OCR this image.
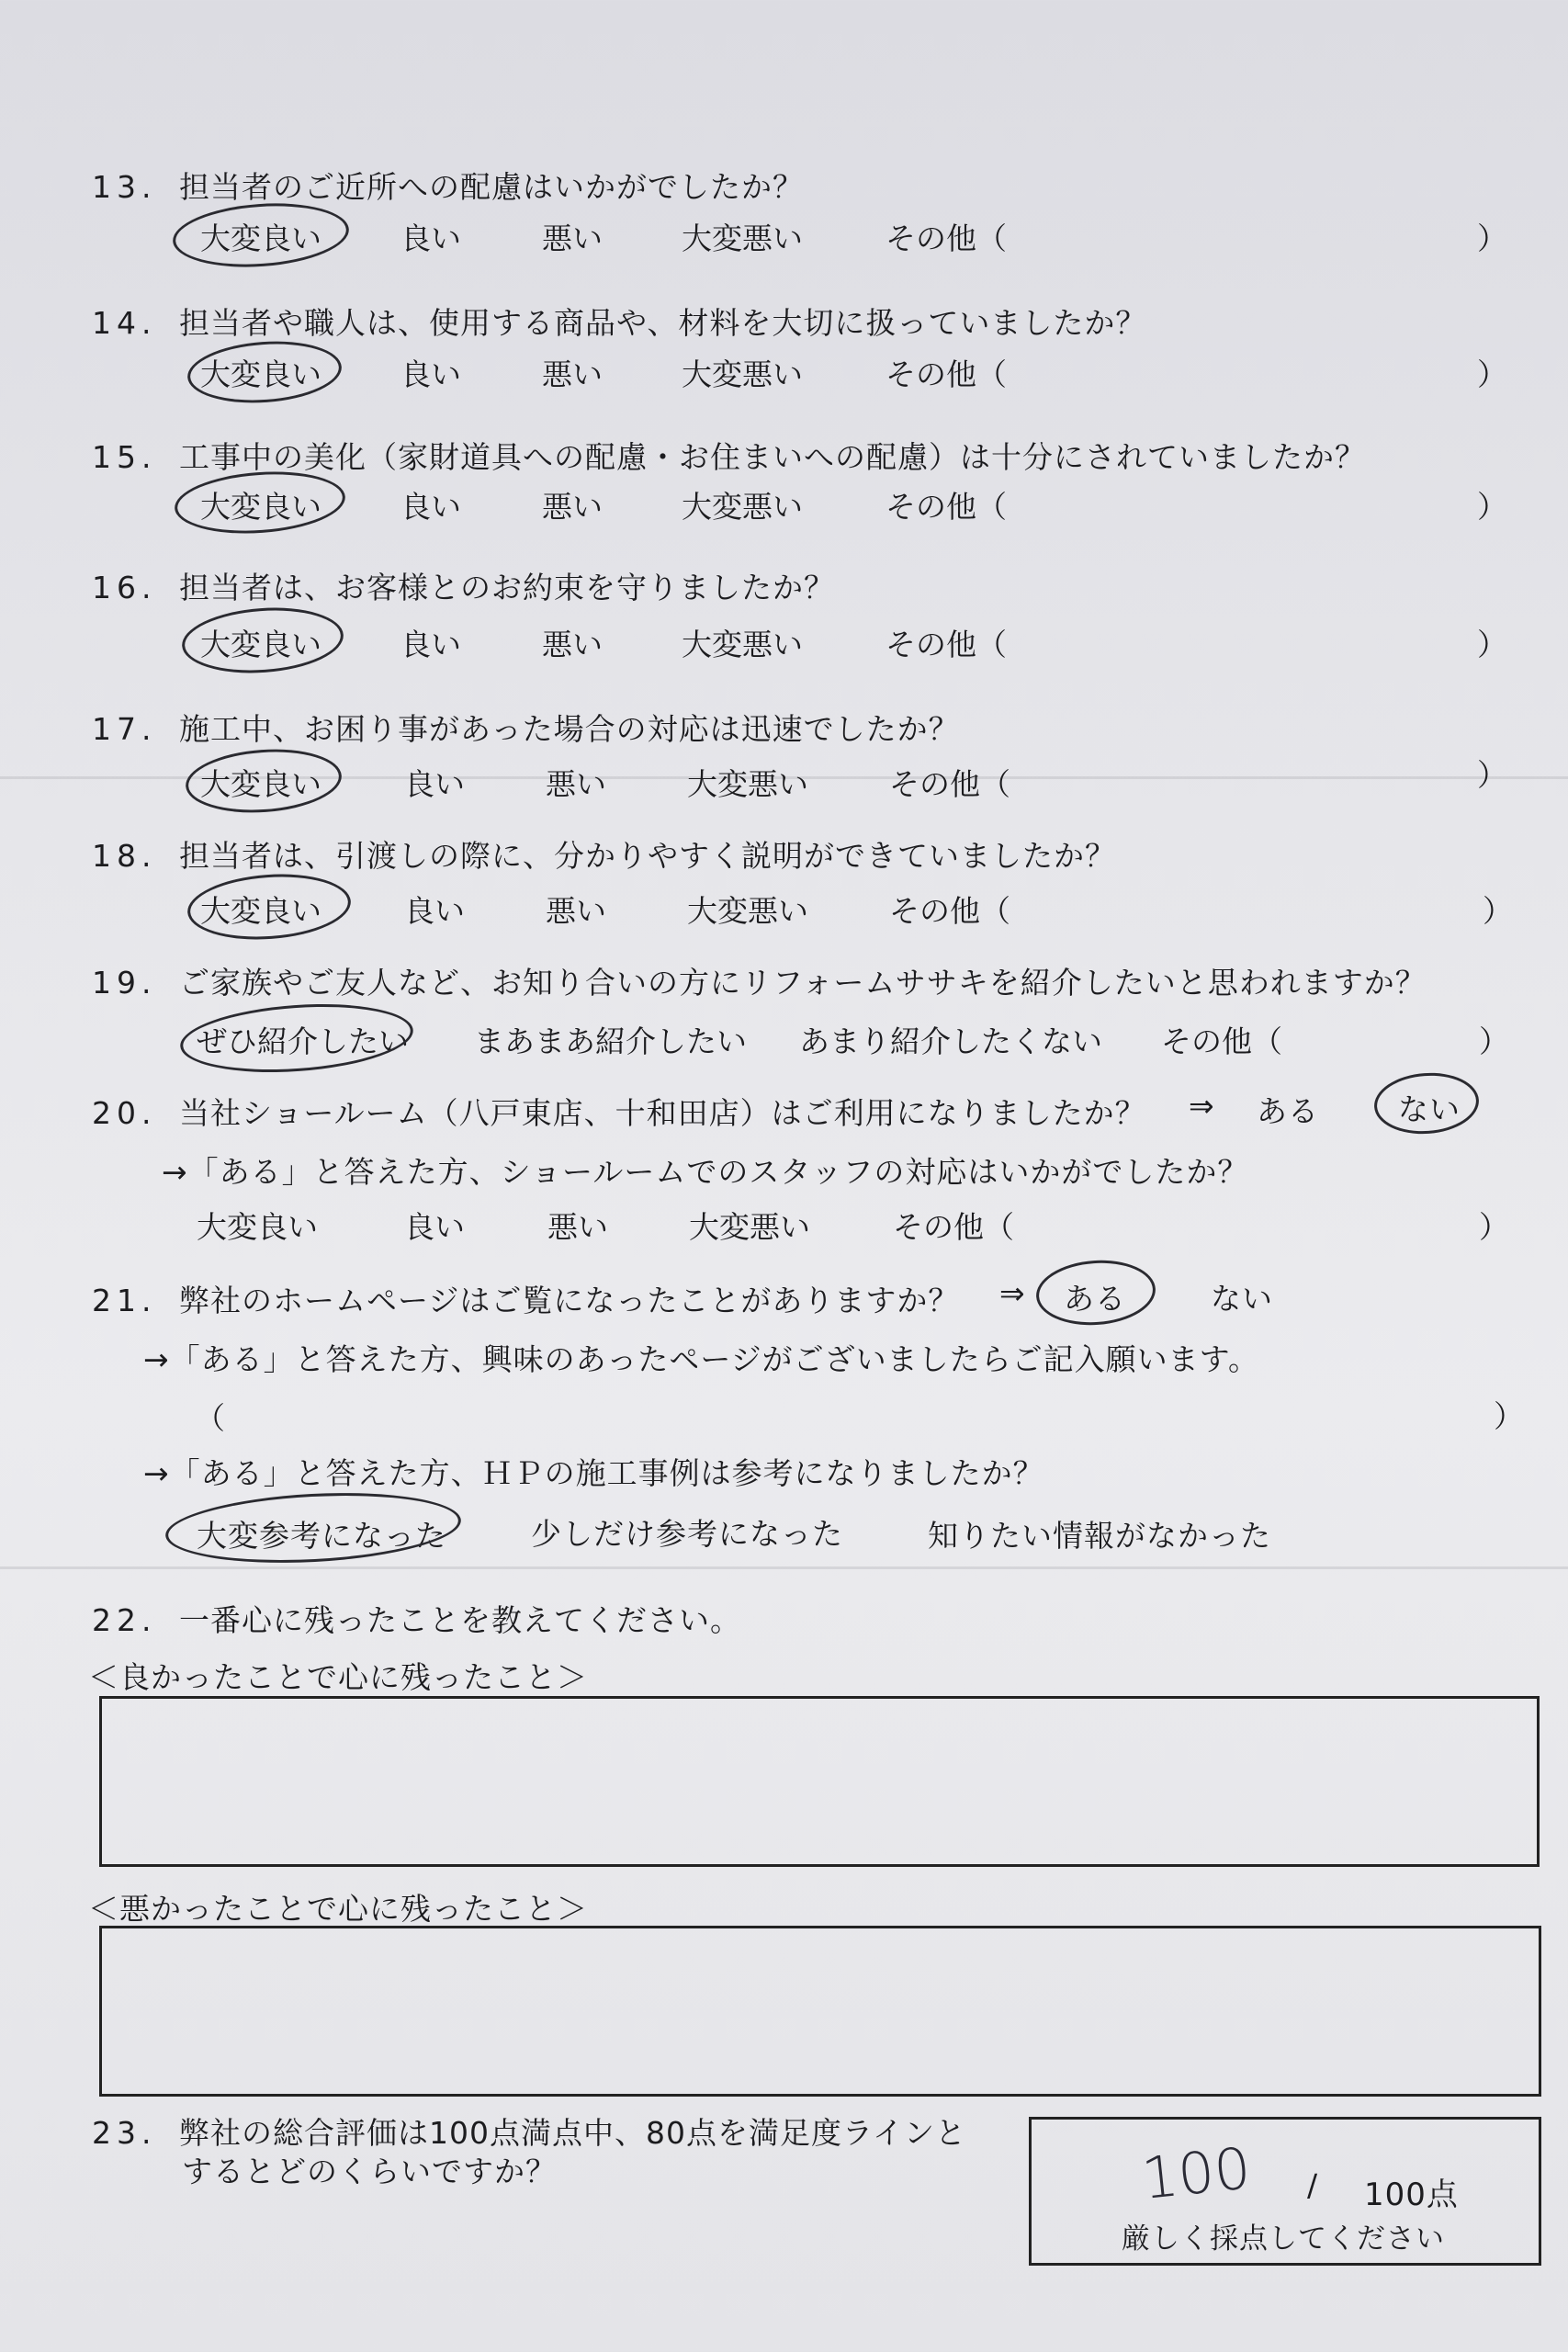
13. 担当者のご近所への配慮はいかがでしたか？
大変良い	良い	悪い	大変悪い	その他（	）
14. 担当者や職人は、使用する商品や、材料を大切に扱っていましたか？
大変良い	良い	悪い	大変悪い	その他（	）
15. 工事中の美化（家財道具への配慮・お住まいへの配慮）は十分にされていましたか？
大変良い	良い	悪い	大変悪い	その他（	）
16. 担当者は、お客様とのお約束を守りましたか？
大変良い	良い	悪い	大変悪い	その他（	）
17. 施工中、お困り事があった場合の対応は迅速でしたか？
大変良い	良い	悪い	大変悪い	その他（	）
18. 担当者は、引渡しの際に、分かりやすく説明ができていましたか？
大変良い	良い	悪い	大変悪い	その他（	）
19. ご家族やご友人など、お知り合いの方にリフォームササキを紹介したいと思われますか？
ぜひ紹介したい まあまあ紹介したい あまり紹介したくない その他（	）
20. 当社ショールーム（八戸東店、十和田店）はご利用になりましたか？ ⇒ ある	ない
→「ある」と答えた方、ショールームでのスタッフの対応はいかがでしたか？
大変良い	良い	悪い	大変悪い	その他（	）
21. 弊社のホームページはご覧になったことがありますか？ ⇒ ある	ない
→「ある」と答えた方、興味のあったページがございましたらご記入願います。
（	）
→「ある」と答えた方、ＨＰの施工事例は参考になりましたか？
大変参考になった	少しだけ参考になった	知りたい情報がなかった
22. 一番心に残ったことを教えてください。
＜良かったことで心に残ったこと＞
＜悪かったことで心に残ったこと＞
23. 弊社の総合評価は100点満点中、80点を満足度ラインと
するとどのくらいですか？	100 / 100点
厳しく採点してください
